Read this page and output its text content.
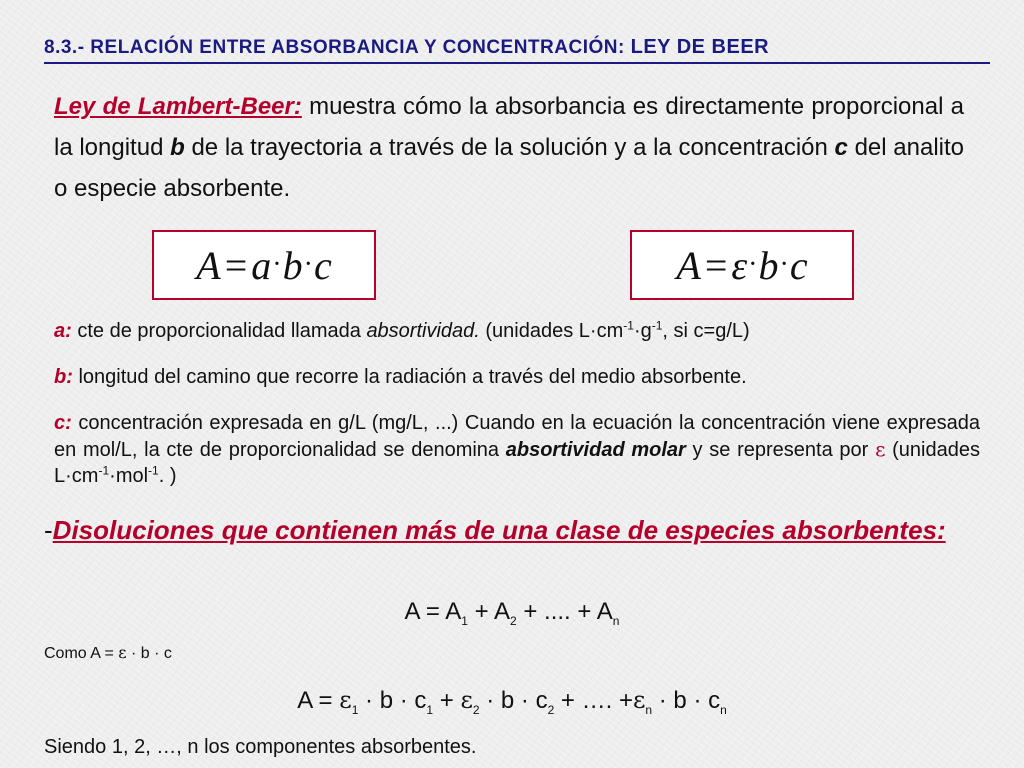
8.3.- RELACIÓN ENTRE ABSORBANCIA Y CONCENTRACIÓN: LEY DE BEER
Ley de Lambert-Beer: muestra cómo la absorbancia es directamente proporcional a la longitud b de la trayectoria a través de la solución y a la concentración c del analito o especie absorbente.
A = a · b · c	A = ε · b · c
a: cte de proporcionalidad llamada absortividad. (unidades $L\cdot cm^{-1}\cdot g^{-1}$, si c=g/L)
b: longitud del camino que recorre la radiación a través del medio absorbente.
c: concentración expresada en g/L (mg/L, ...) Cuando en la ecuación la concentración viene expresada en mol/L, la cte de proporcionalidad se denomina absortividad molar y se representa por ε (unidades $L\cdot cm^{-1}\cdot mol^{-1}$. )
-Disoluciones que contienen más de una clase de especies absorbentes:
$A = A_1 + A_2$ + .... + $A_n$
Como A = ε · b · c
$A = \varepsilon_1 \cdot b \cdot c_1 + \varepsilon_2 \cdot b \cdot c_2$ + …. $+\varepsilon_n \cdot b \cdot c_n$
Siendo 1, 2, …, n los componentes absorbentes.
